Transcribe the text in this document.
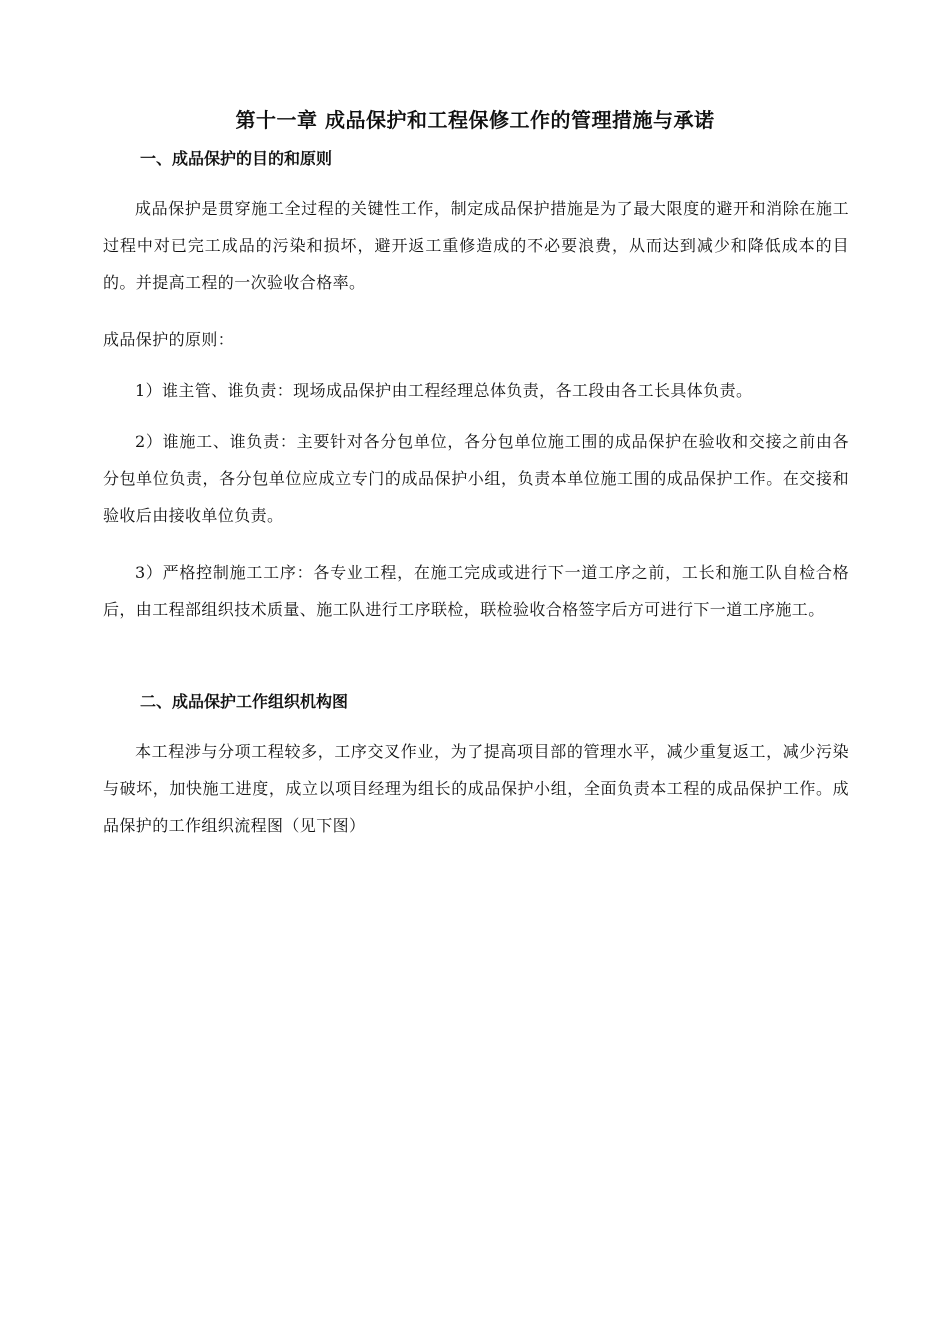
第十一章 成品保护和工程保修工作的管理措施与承诺
一、成品保护的目的和原则
成品保护是贯穿施工全过程的关键性工作，制定成品保护措施是为了最大限度的避开和消除在施工过程中对已完工成品的污染和损坏，避开返工重修造成的不必要浪费，从而达到减少和降低成本的目的。并提高工程的一次验收合格率。
成品保护的原则：
1）谁主管、谁负责：现场成品保护由工程经理总体负责，各工段由各工长具体负责。
2）谁施工、谁负责：主要针对各分包单位，各分包单位施工围的成品保护在验收和交接之前由各分包单位负责，各分包单位应成立专门的成品保护小组，负责本单位施工围的成品保护工作。在交接和验收后由接收单位负责。
3）严格控制施工工序：各专业工程，在施工完成或进行下一道工序之前，工长和施工队自检合格后，由工程部组织技术质量、施工队进行工序联检，联检验收合格签字后方可进行下一道工序施工。
二、成品保护工作组织机构图
本工程涉与分项工程较多，工序交叉作业，为了提高项目部的管理水平，减少重复返工，减少污染与破坏，加快施工进度，成立以项目经理为组长的成品保护小组，全面负责本工程的成品保护工作。成品保护的工作组织流程图（见下图）
